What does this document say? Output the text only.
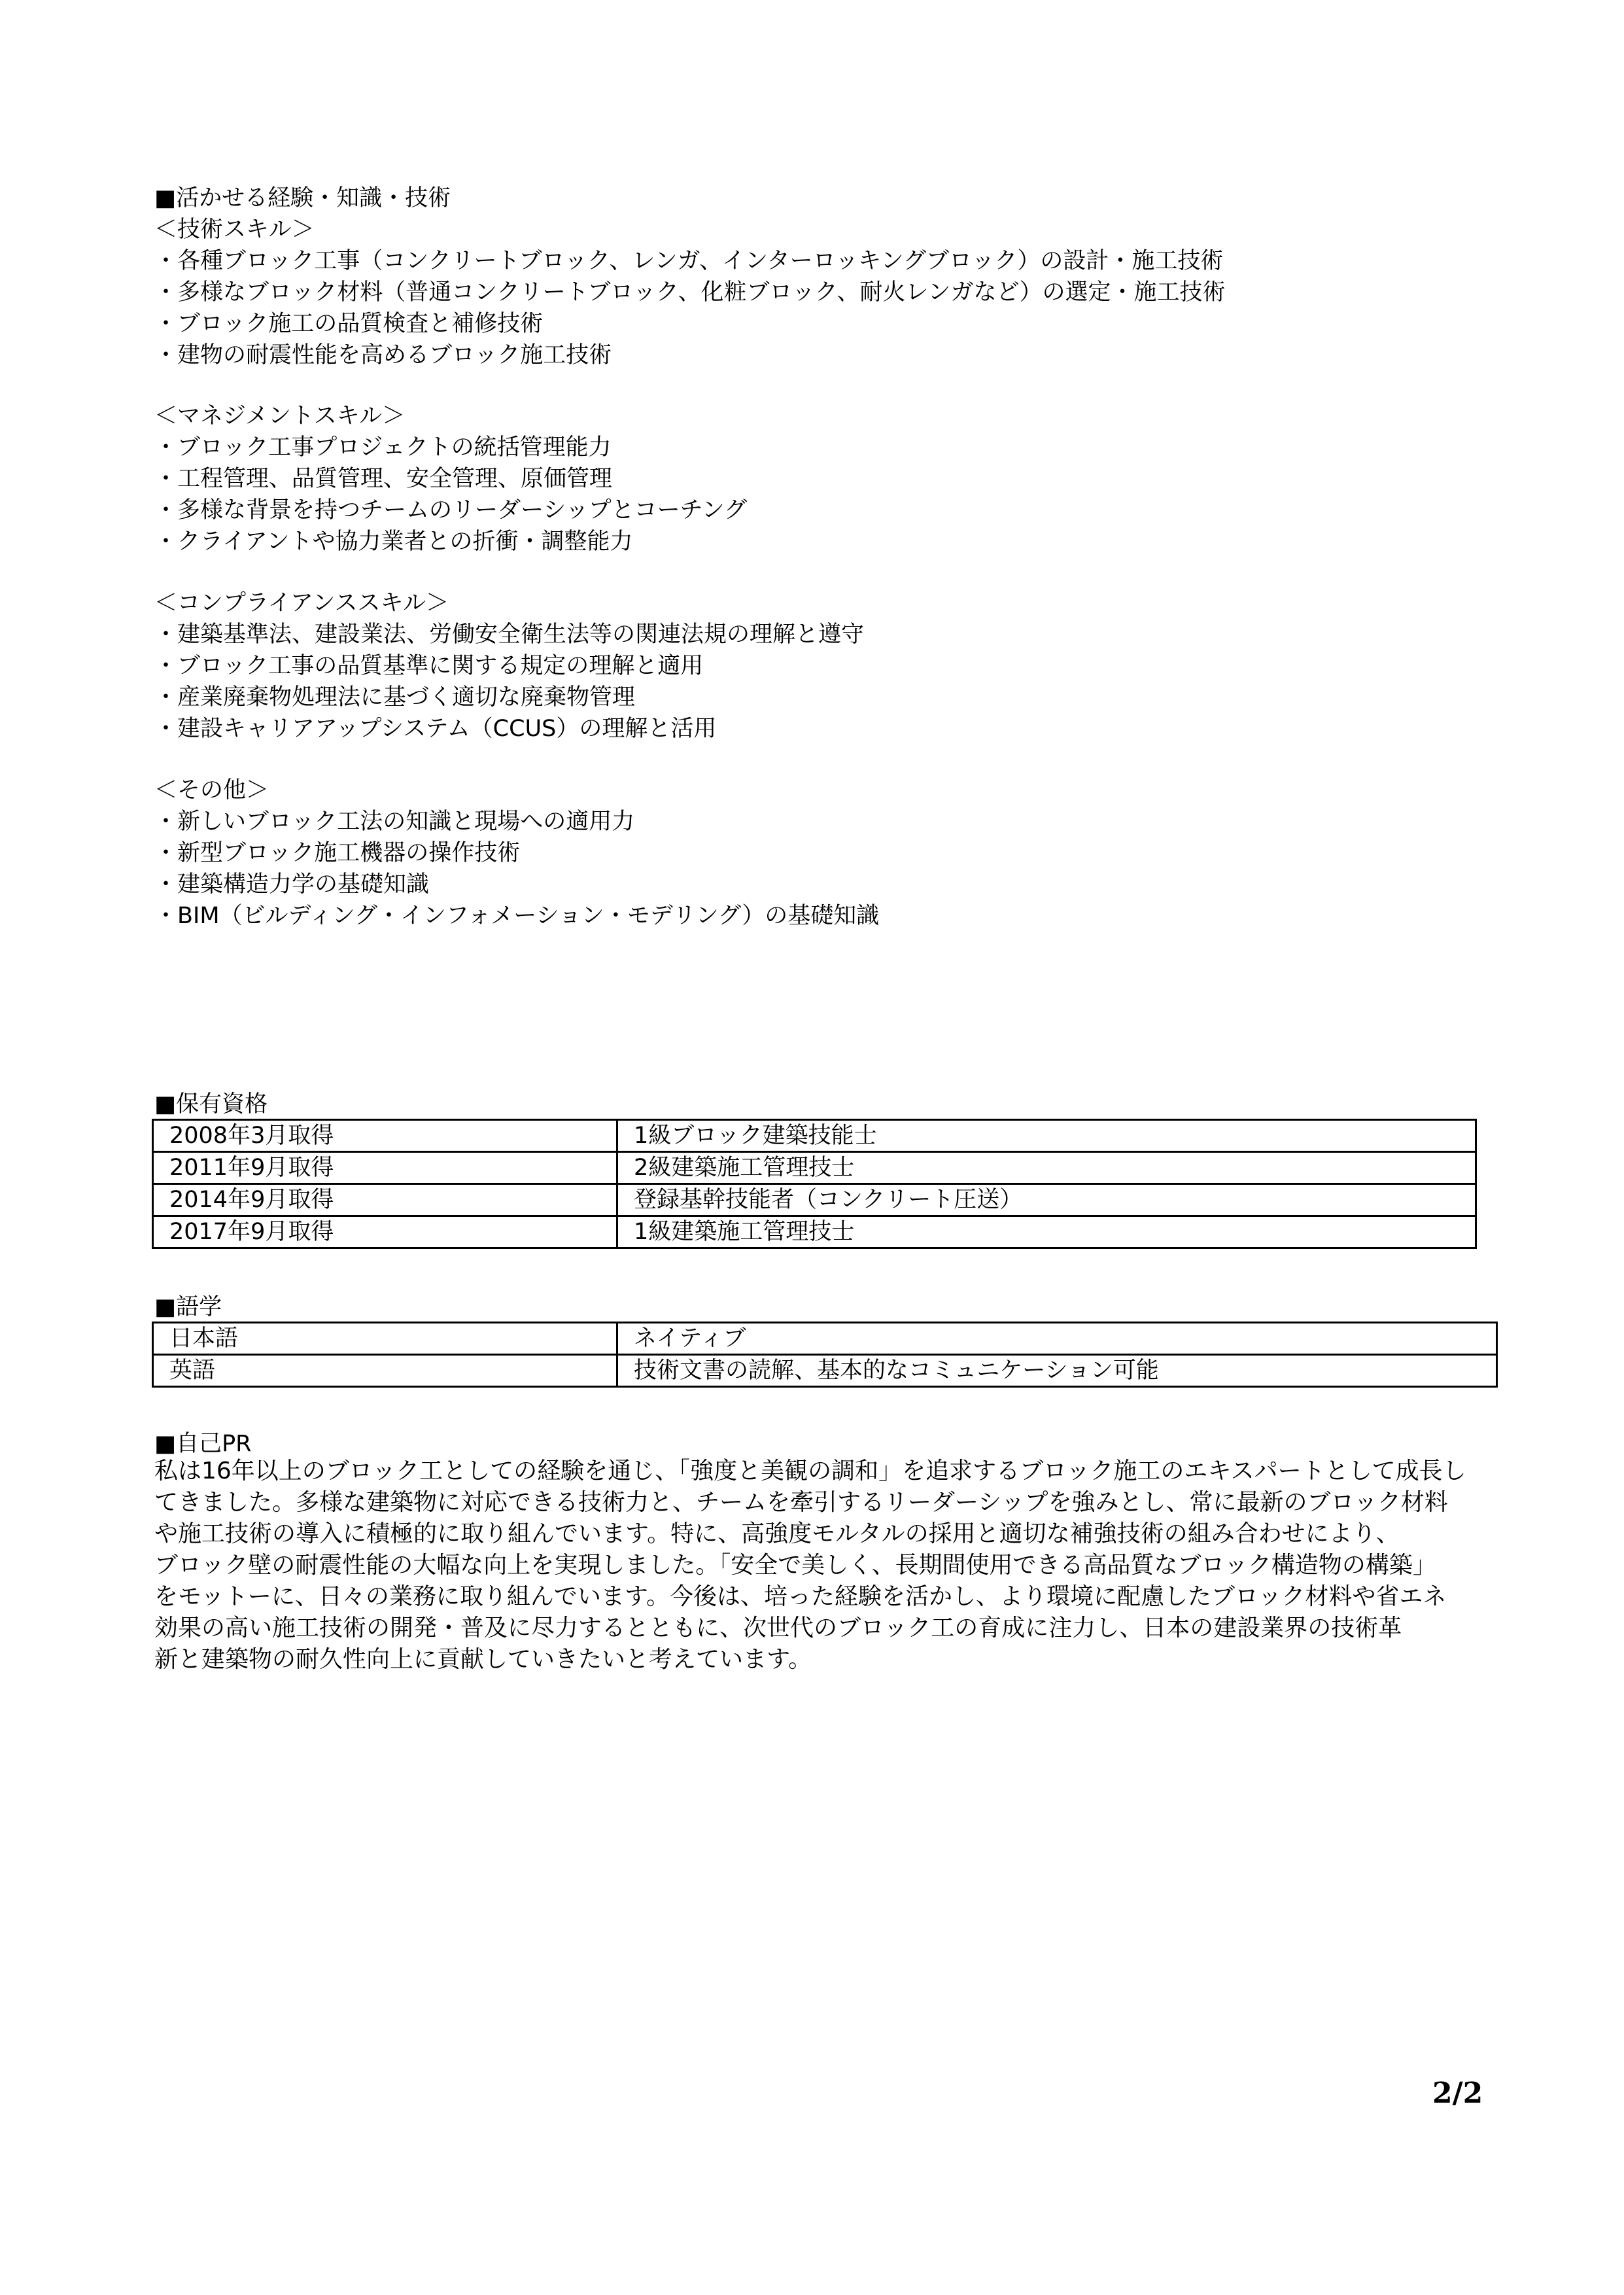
■活かせる経験・知識・技術
＜技術スキル＞
・各種ブロック工事（コンクリートブロック、レンガ、インターロッキングブロック）の設計・施工技術
・多様なブロック材料（普通コンクリートブロック、化粧ブロック、耐火レンガなど）の選定・施工技術
・ブロック施工の品質検査と補修技術
・建物の耐震性能を高めるブロック施工技術
＜マネジメントスキル＞
・ブロック工事プロジェクトの統括管理能力
・工程管理、品質管理、安全管理、原価管理
・多様な背景を持つチームのリーダーシップとコーチング
・クライアントや協力業者との折衝・調整能力
＜コンプライアンススキル＞
・建築基準法、建設業法、労働安全衛生法等の関連法規の理解と遵守
・ブロック工事の品質基準に関する規定の理解と適用
・産業廃棄物処理法に基づく適切な廃棄物管理
・建設キャリアアップシステム（CCUS）の理解と活用
＜その他＞
・新しいブロック工法の知識と現場への適用力
・新型ブロック施工機器の操作技術
・建築構造力学の基礎知識
・BIM（ビルディング・インフォメーション・モデリング）の基礎知識
■保有資格
2008年3月取得	1級ブロック建築技能士
2011年9月取得	2級建築施工管理技士
2014年9月取得	登録基幹技能者（コンクリート圧送）
2017年9月取得	1級建築施工管理技士
■語学
日本語	ネイティブ
英語	技術文書の読解、基本的なコミュニケーション可能
■自己PR

私は16年以上のブロック工としての経験を通じ、「強度と美観の調和」を追求するブロック施工のエキスパートとして成長し

てきました。多様な建築物に対応できる技術力と、チームを牽引するリーダーシップを強みとし、常に最新のブロック材料

や施工技術の導入に積極的に取り組んでいます。特に、高強度モルタルの採用と適切な補強技術の組み合わせにより、

ブロック壁の耐震性能の大幅な向上を実現しました。「安全で美しく、長期間使用できる高品質なブロック構造物の構築」

をモットーに、日々の業務に取り組んでいます。今後は、培った経験を活かし、より環境に配慮したブロック材料や省エネ

効果の高い施工技術の開発・普及に尽力するとともに、次世代のブロック工の育成に注力し、日本の建設業界の技術革

新と建築物の耐久性向上に貢献していきたいと考えています。

2/2
